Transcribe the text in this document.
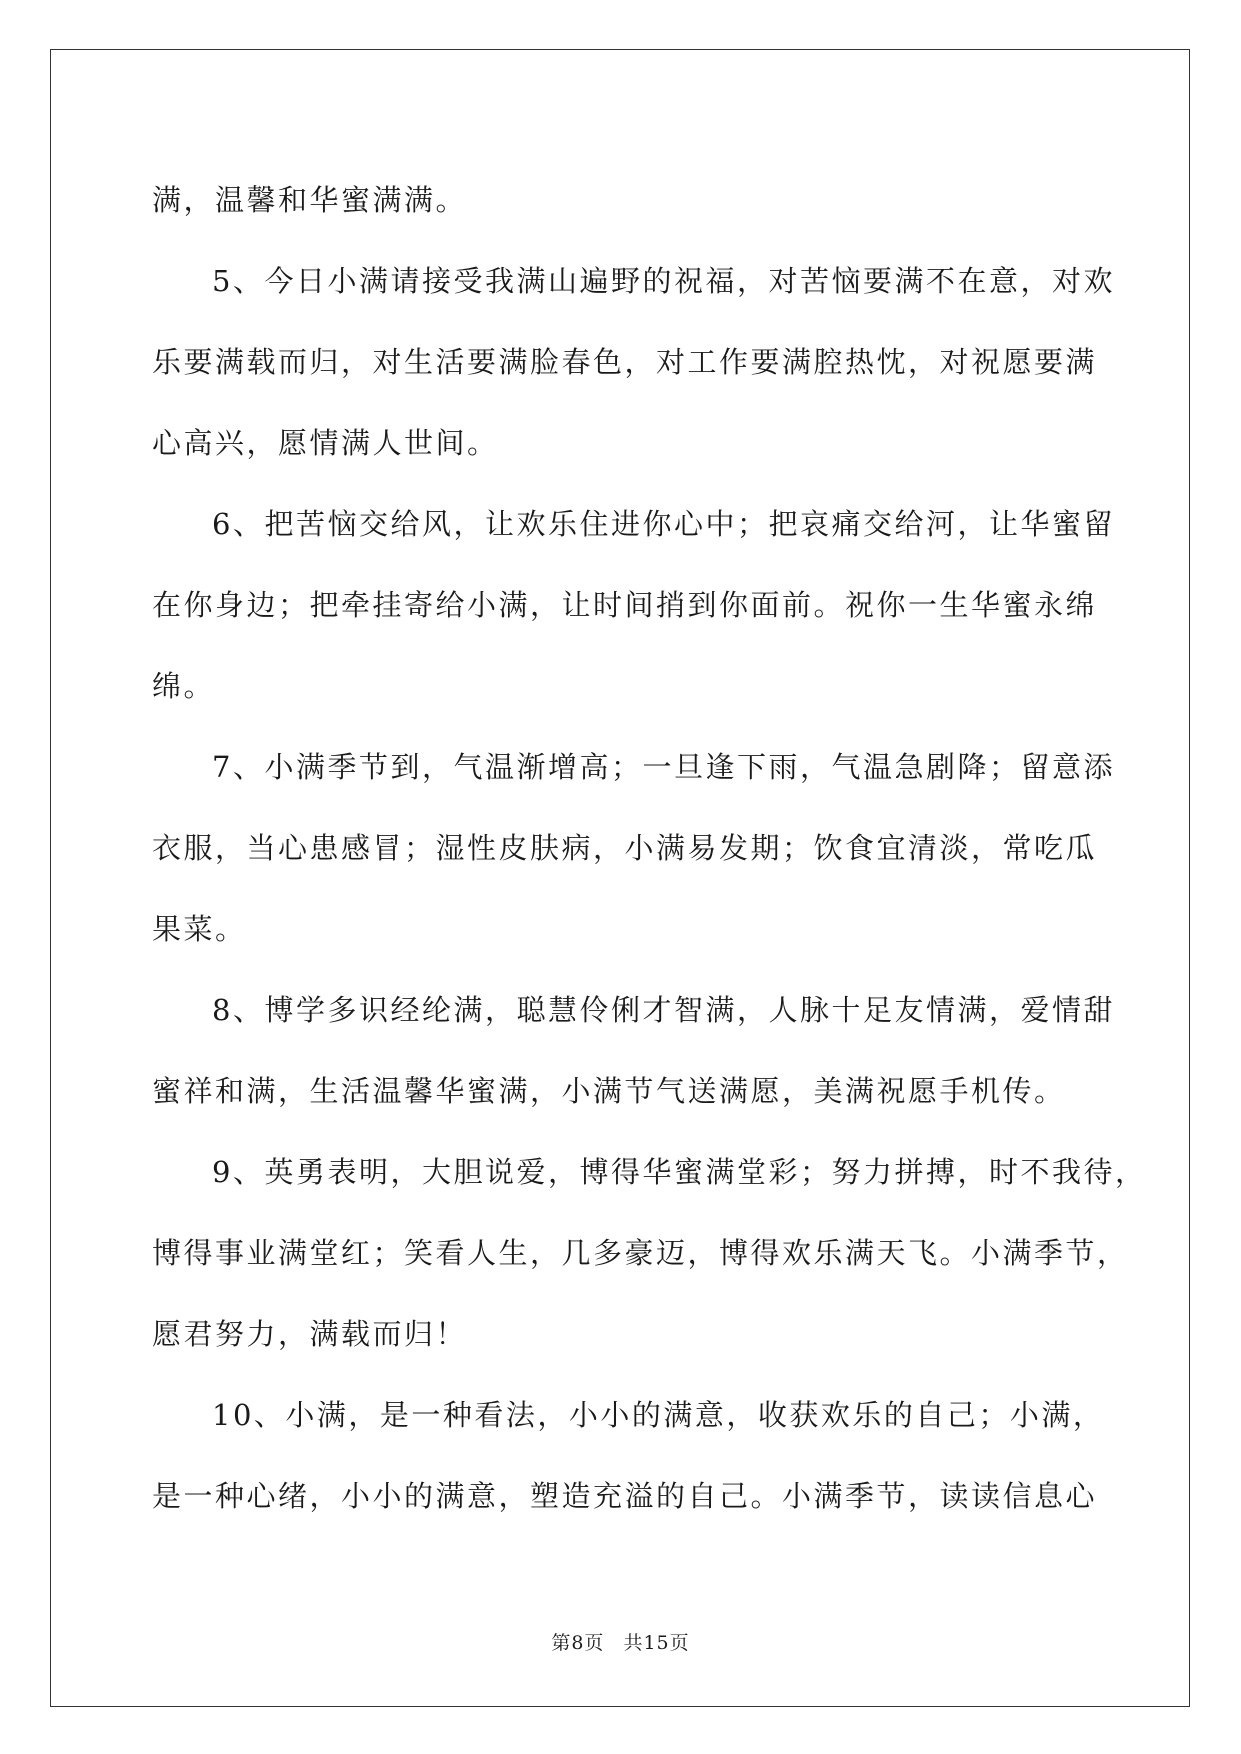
满，温馨和华蜜满满。
5、今日小满请接受我满山遍野的祝福，对苦恼要满不在意，对欢
乐要满载而归，对生活要满脸春色，对工作要满腔热忱，对祝愿要满
心高兴，愿情满人世间。
6、把苦恼交给风，让欢乐住进你心中；把哀痛交给河，让华蜜留
在你身边；把牵挂寄给小满，让时间捎到你面前。祝你一生华蜜永绵
绵。
7、小满季节到，气温渐增高；一旦逢下雨，气温急剧降；留意添
衣服，当心患感冒；湿性皮肤病，小满易发期；饮食宜清淡，常吃瓜
果菜。
8、博学多识经纶满，聪慧伶俐才智满，人脉十足友情满，爱情甜
蜜祥和满，生活温馨华蜜满，小满节气送满愿，美满祝愿手机传。
9、英勇表明，大胆说爱，博得华蜜满堂彩；努力拼搏，时不我待，
博得事业满堂红；笑看人生，几多豪迈，博得欢乐满天飞。小满季节，
愿君努力，满载而归！
10、小满，是一种看法，小小的满意，收获欢乐的自己；小满，
是一种心绪，小小的满意，塑造充溢的自己。小满季节，读读信息心
第8页 共15页
